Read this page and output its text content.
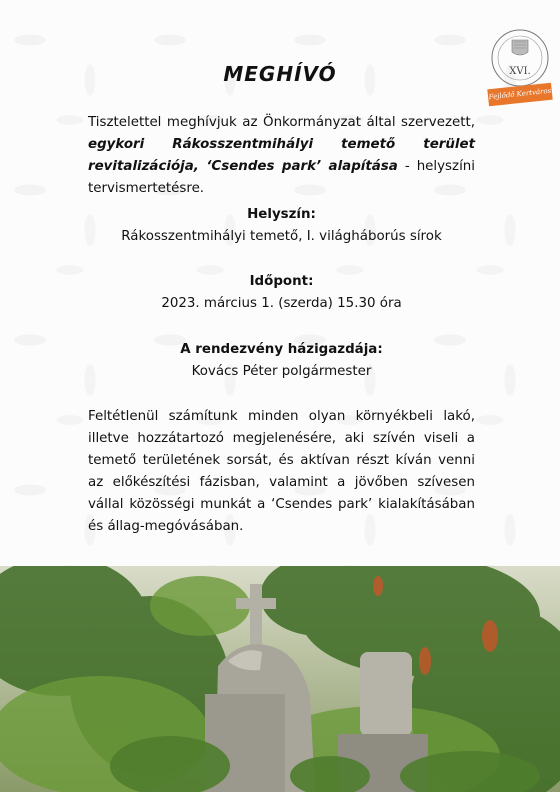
XVI.
Fejlődő Kertváros
MEGHÍVÓ
Tisztelettel meghívjuk az Önkormányzat által szervezett, egykori Rákosszentmihályi temető terület revitalizációja, ‘Csendes park’ alapítása - helyszíni tervismertetésre.
Helyszín:
Rákosszentmihályi temető, I. világháborús sírok
Időpont:
2023. március 1. (szerda) 15.30 óra
A rendezvény házigazdája:
Kovács Péter polgármester
Feltétlenül számítunk minden olyan környékbeli lakó, illetve hozzátartozó megjelenésére, aki szívén viseli a temető területének sorsát, és aktívan részt kíván venni az előkészítési fázisban, valamint a jövőben szívesen vállal közösségi munkát a ‘Csendes park’ kialakításában és állag-megóvásában.
